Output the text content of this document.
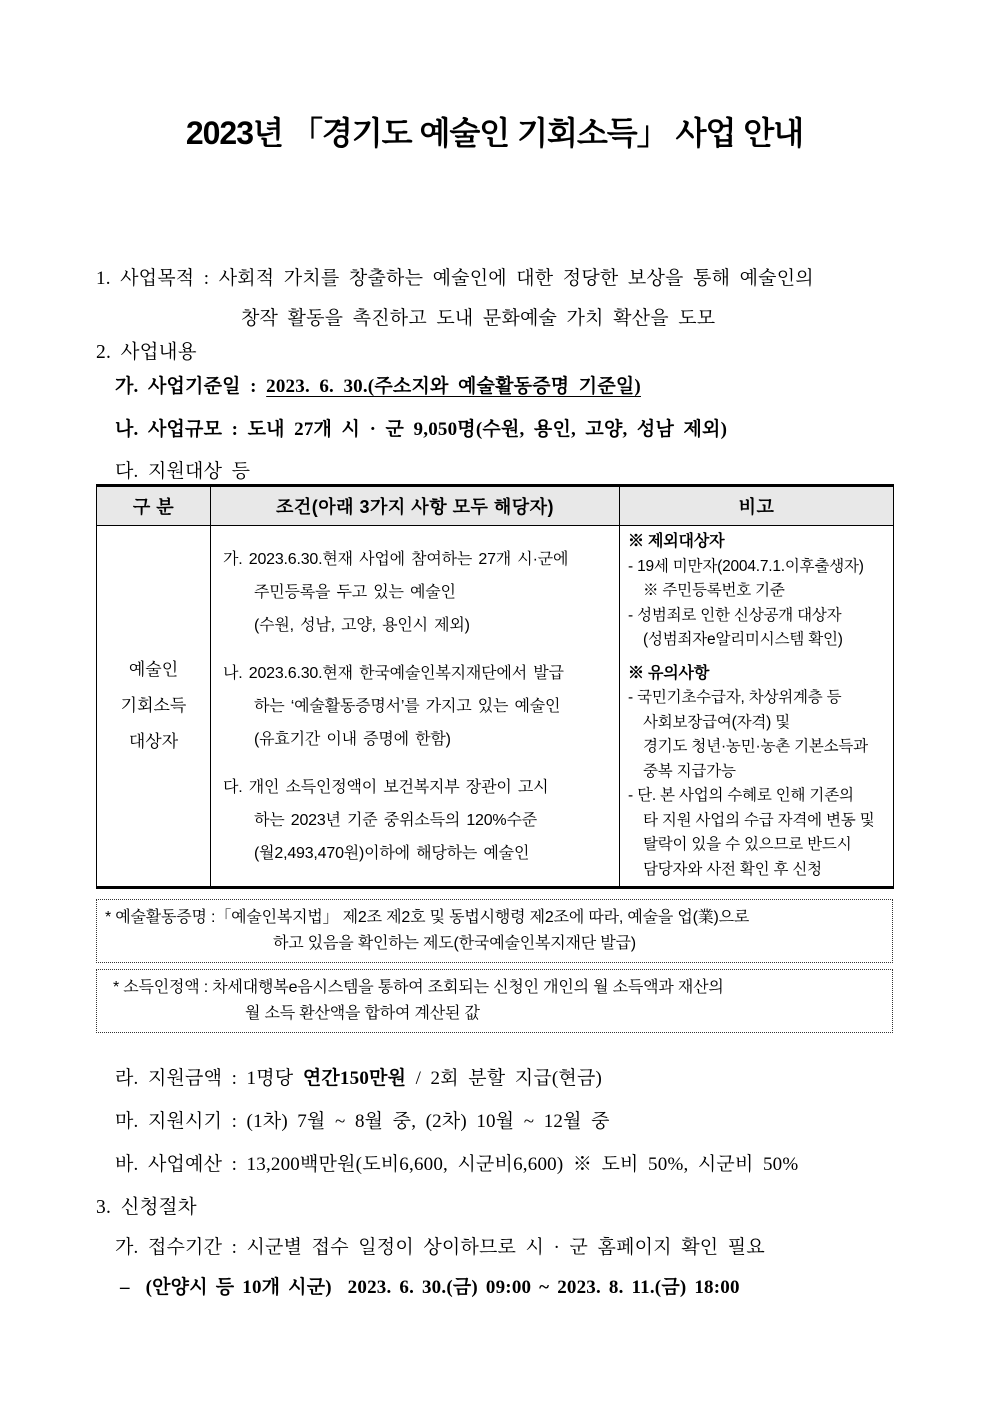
2023년 「경기도 예술인 기회소득」 사업 안내
1. 사업목적 : 사회적 가치를 창출하는 예술인에 대한 정당한 보상을 통해 예술인의
창작 활동을 촉진하고 도내 문화예술 가치 확산을 도모
2. 사업내용
가. 사업기준일 : 2023. 6. 30.(주소지와 예술활동증명 기준일)
나. 사업규모 : 도내 27개 시 · 군 9,050명(수원, 용인, 고양, 성남 제외)
다. 지원대상 등
구 분	조건(아래 3가지 사항 모두 해당자)	비고

예술인
기회소득
대상자

가. 2023.6.30.현재 사업에 참여하는 27개 시·군에
주민등록을 두고 있는 예술인
(수원, 성남, 고양, 용인시 제외)
나. 2023.6.30.현재 한국예술인복지재단에서 발급
하는 ‘예술활동증명서’를 가지고 있는 예술인
(유효기간 이내 증명에 한함)
다. 개인 소득인정액이 보건복지부 장관이 고시
하는 2023년 기준 중위소득의 120%수준
(월2,493,470원)이하에 해당하는 예술인

※ 제외대상자
- 19세 미만자(2004.7.1.이후출생자)
※ 주민등록번호 기준
- 성범죄로 인한 신상공개 대상자
(성범죄자e알리미시스템 확인)
※ 유의사항
- 국민기초수급자, 차상위계층 등
사회보장급여(자격) 및
경기도 청년·농민·농촌 기본소득과
중복 지급가능
- 단. 본 사업의 수혜로 인해 기존의
타 지원 사업의 수급 자격에 변동 및
탈락이 있을 수 있으므로 반드시
담당자와 사전 확인 후 신청
* 예술활동증명 :「예술인복지법」 제2조 제2호 및 동법시행령 제2조에 따라, 예술을 업(業)으로
하고 있음을 확인하는 제도(한국예술인복지재단 발급)
* 소득인정액 : 차세대행복e음시스템을 통하여 조회되는 신청인 개인의 월 소득액과 재산의
월 소득 환산액을 합하여 계산된 값
라. 지원금액 : 1명당 연간150만원 / 2회 분할 지급(현금)
마. 지원시기 : (1차) 7월 ~ 8월 중, (2차) 10월 ~ 12월 중
바. 사업예산 : 13,200백만원(도비6,600, 시군비6,600) ※ 도비 50%, 시군비 50%
3. 신청절차
가. 접수기간 : 시군별 접수 일정이 상이하므로 시 · 군 홈페이지 확인 필요
–  (안양시 등 10개 시군)  2023. 6. 30.(금) 09:00 ~ 2023. 8. 11.(금) 18:00
